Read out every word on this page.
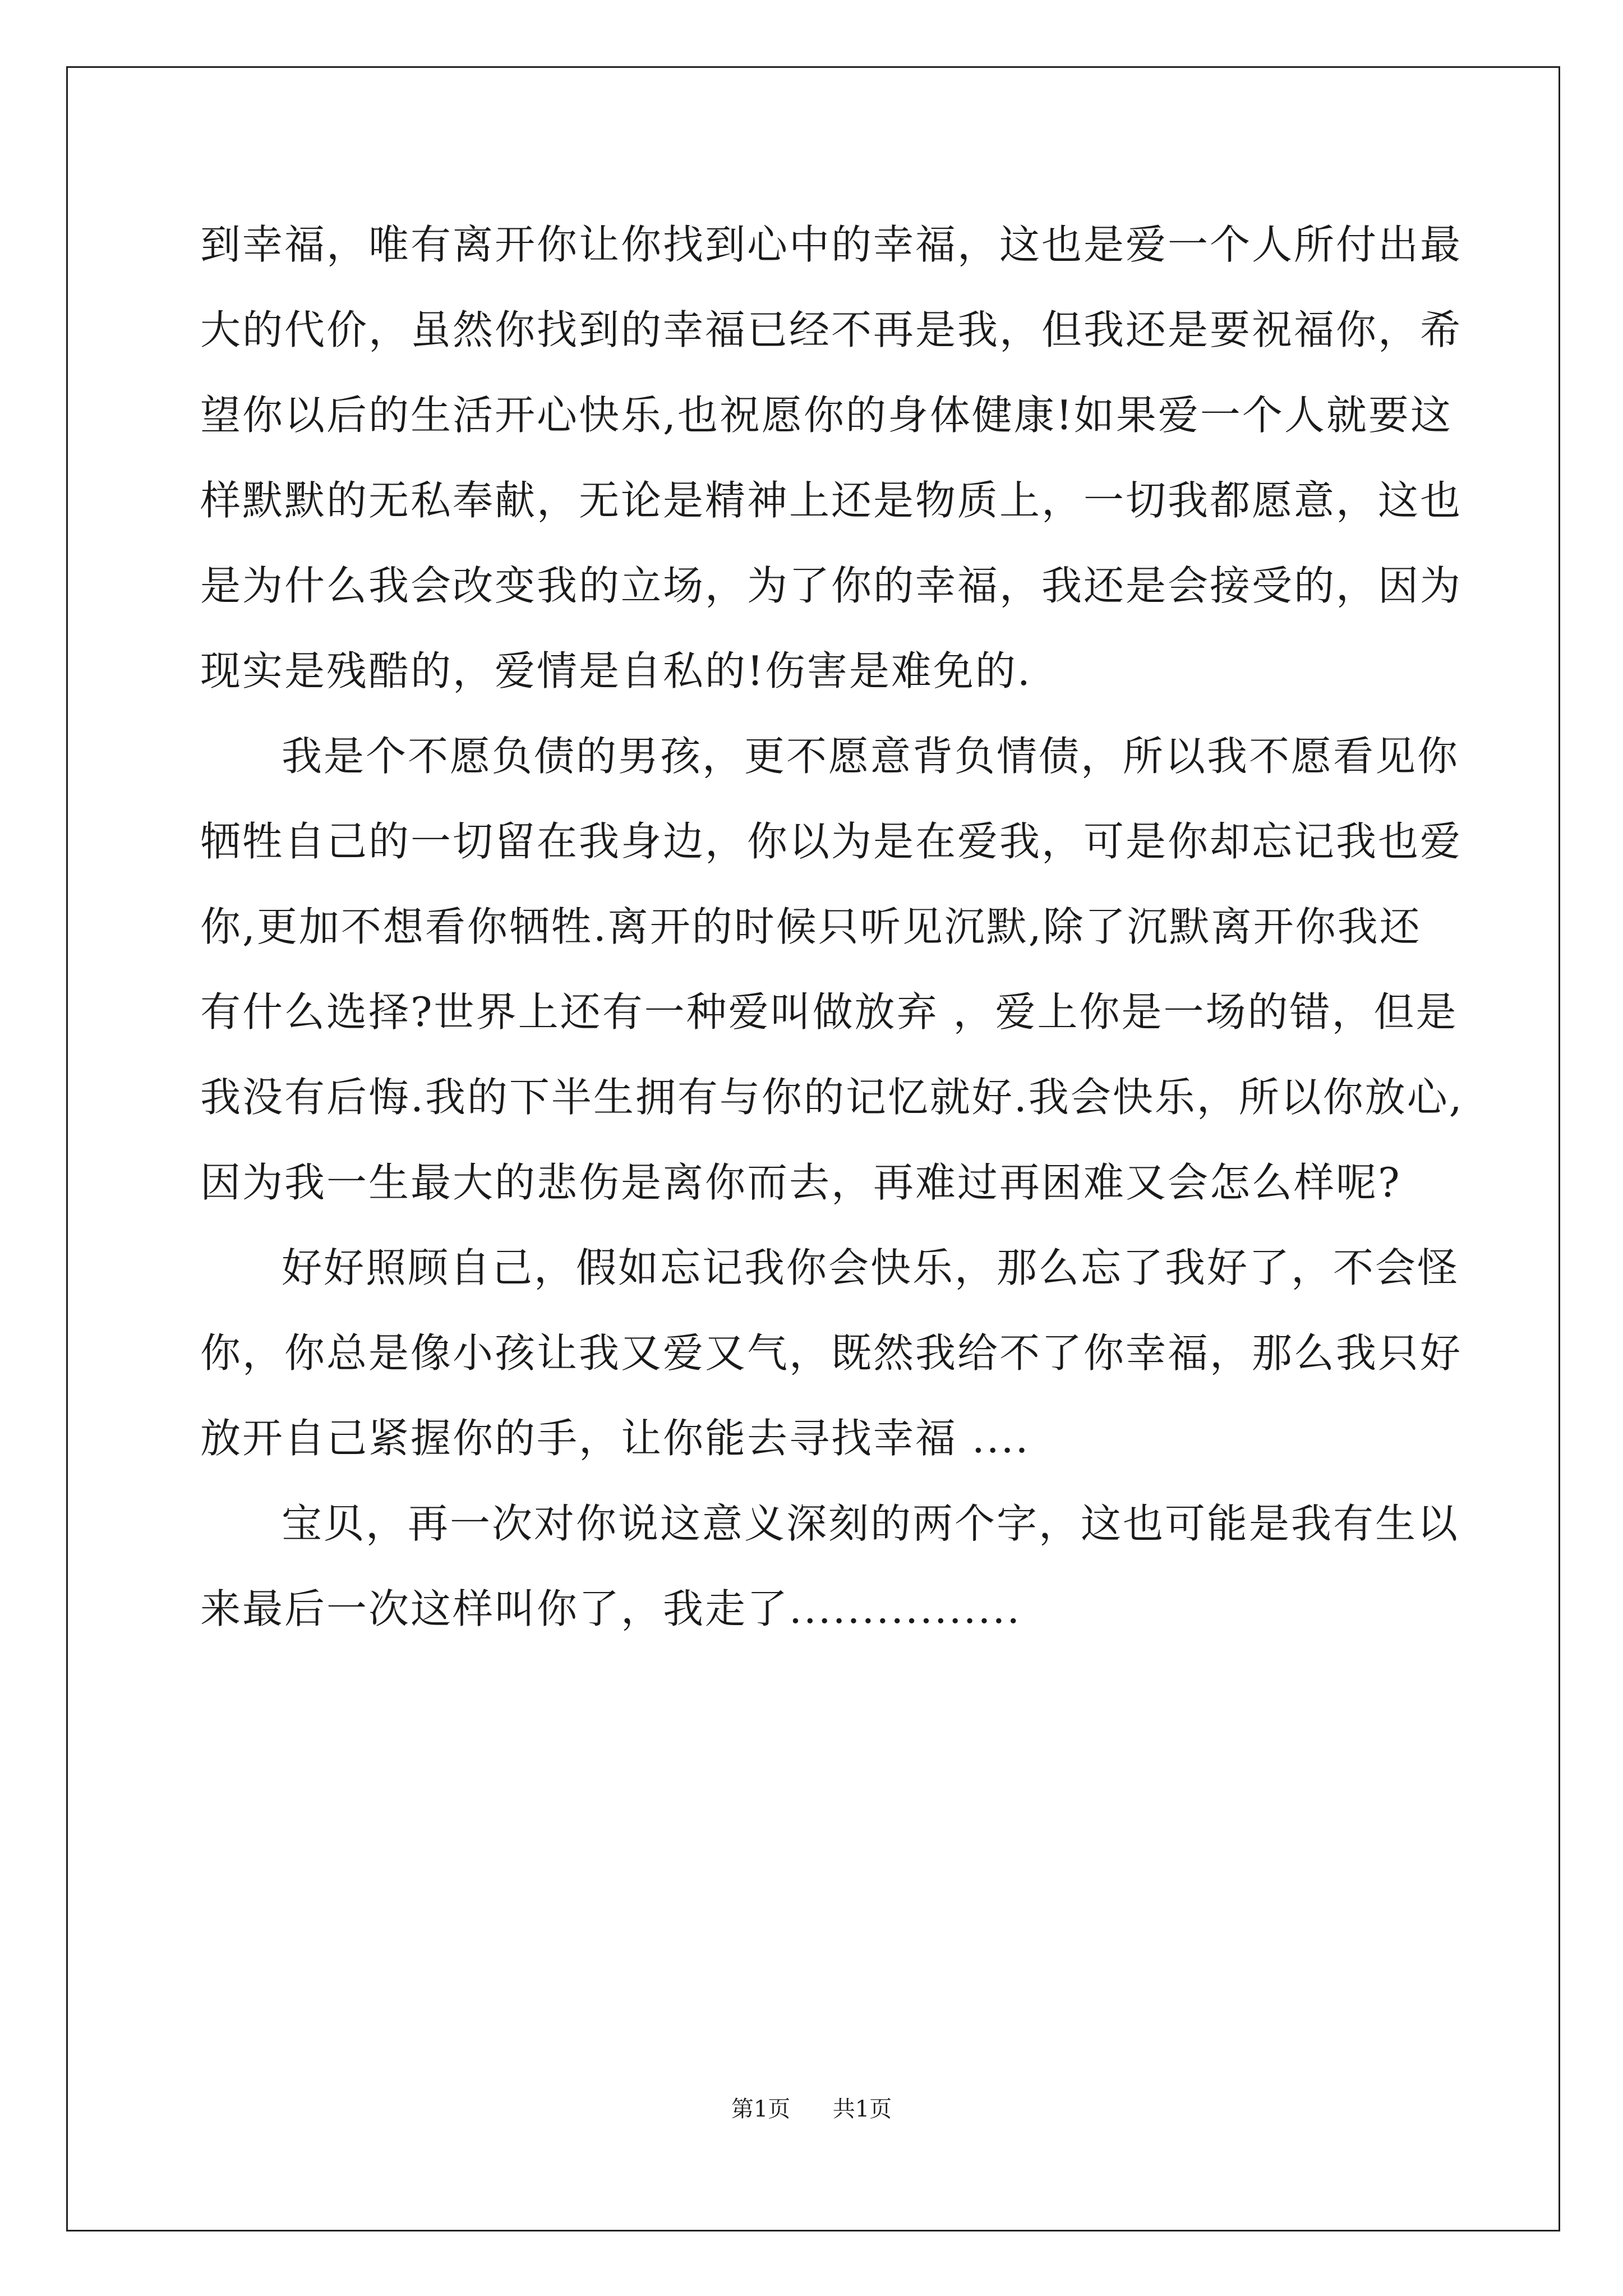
到幸福，唯有离开你让你找到心中的幸福，这也是爱一个人所付出最
大的代价，虽然你找到的幸福已经不再是我，但我还是要祝福你，希
望你以后的生活开心快乐,也祝愿你的身体健康!如果爱一个人就要这
样默默的无私奉献，无论是精神上还是物质上，一切我都愿意，这也
是为什么我会改变我的立场，为了你的幸福，我还是会接受的，因为
现实是残酷的，爱情是自私的!伤害是难免的.
我是个不愿负债的男孩，更不愿意背负情债，所以我不愿看见你
牺牲自己的一切留在我身边，你以为是在爱我，可是你却忘记我也爱
你,更加不想看你牺牲.离开的时候只听见沉默,除了沉默离开你我还
有什么选择?世界上还有一种爱叫做放弃 ，爱上你是一场的错，但是
我没有后悔.我的下半生拥有与你的记忆就好.我会快乐，所以你放心,
因为我一生最大的悲伤是离你而去，再难过再困难又会怎么样呢?
好好照顾自己，假如忘记我你会快乐，那么忘了我好了，不会怪
你，你总是像小孩让我又爱又气，既然我给不了你幸福，那么我只好
放开自己紧握你的手，让你能去寻找幸福 ....
宝贝，再一次对你说这意义深刻的两个字，这也可能是我有生以
来最后一次这样叫你了，我走了................
第1页 共1页
